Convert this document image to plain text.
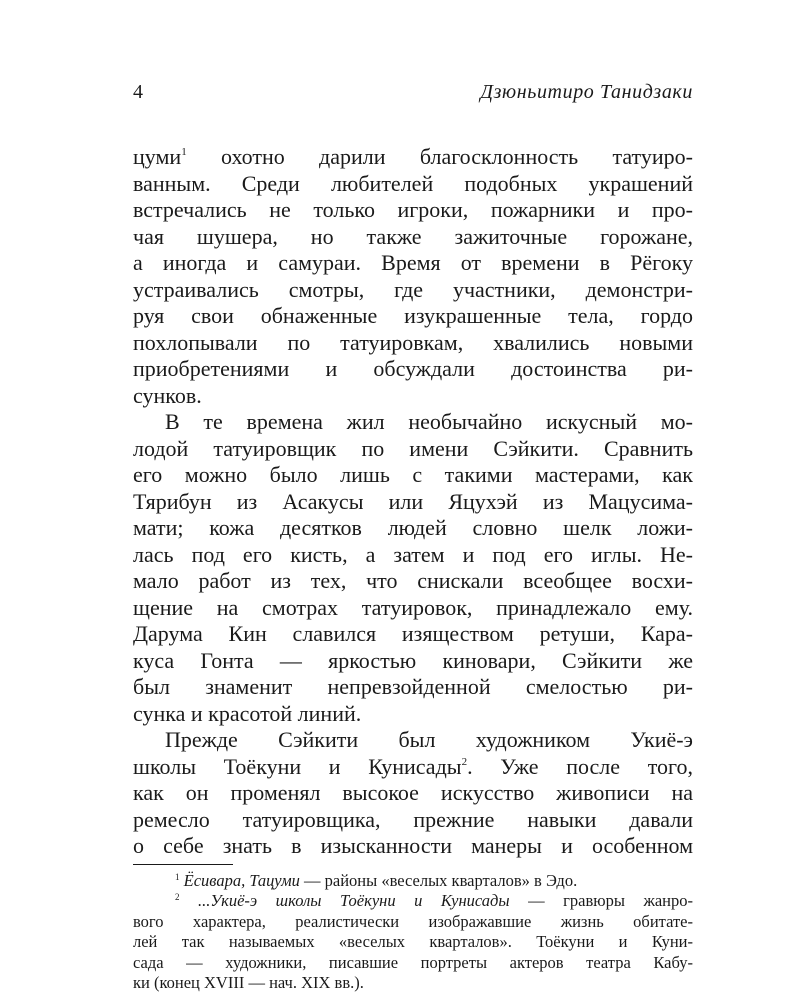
4	Дзюньитиро Танидзаки
цуми$^1$ охотно дарили благосклонность татуиро-
ванным. Среди любителей подобных украшений
встречались не только игроки, пожарники и про-
чая шушера, но также зажиточные горожане,
а иногда и самураи. Время от времени в Рёгоку
устраивались смотры, где участники, демонстри-
руя свои обнаженные изукрашенные тела, гордо
похлопывали по татуировкам, хвалились новыми
приобретениями и обсуждали достоинства ри-
сунков.
В те времена жил необычайно искусный мо-
лодой татуировщик по имени Сэйкити. Сравнить
его можно было лишь с такими мастерами, как
Тярибун из Асакусы или Яцухэй из Мацусима-
мати; кожа десятков людей словно шелк ложи-
лась под его кисть, а затем и под его иглы. Не-
мало работ из тех, что снискали всеобщее восхи-
щение на смотрах татуировок, принадлежало ему.
Дарума Кин славился изяществом ретуши, Кара-
куса Гонта — яркостью киновари, Сэйкити же
был знаменит непревзойденной смелостью ри-
сунка и красотой линий.
Прежде Сэйкити был художником Укиё-э
школы Тоёкуни и Кунисады$^2$. Уже после того,
как он променял высокое искусство живописи на
ремесло татуировщика, прежние навыки давали
о себе знать в изысканности манеры и особенном
$^1$ Ёсивара, Тацуми — районы «веселых кварталов» в Эдо.
$^2$ ...Укиё-э школы Тоёкуни и Кунисады — гравюры жанро-
вого характера, реалистически изображавшие жизнь обитате-
лей так называемых «веселых кварталов». Тоёкуни и Куни-
сада — художники, писавшие портреты актеров театра Кабу-
ки (конец XVIII — нач. XIX вв.).
